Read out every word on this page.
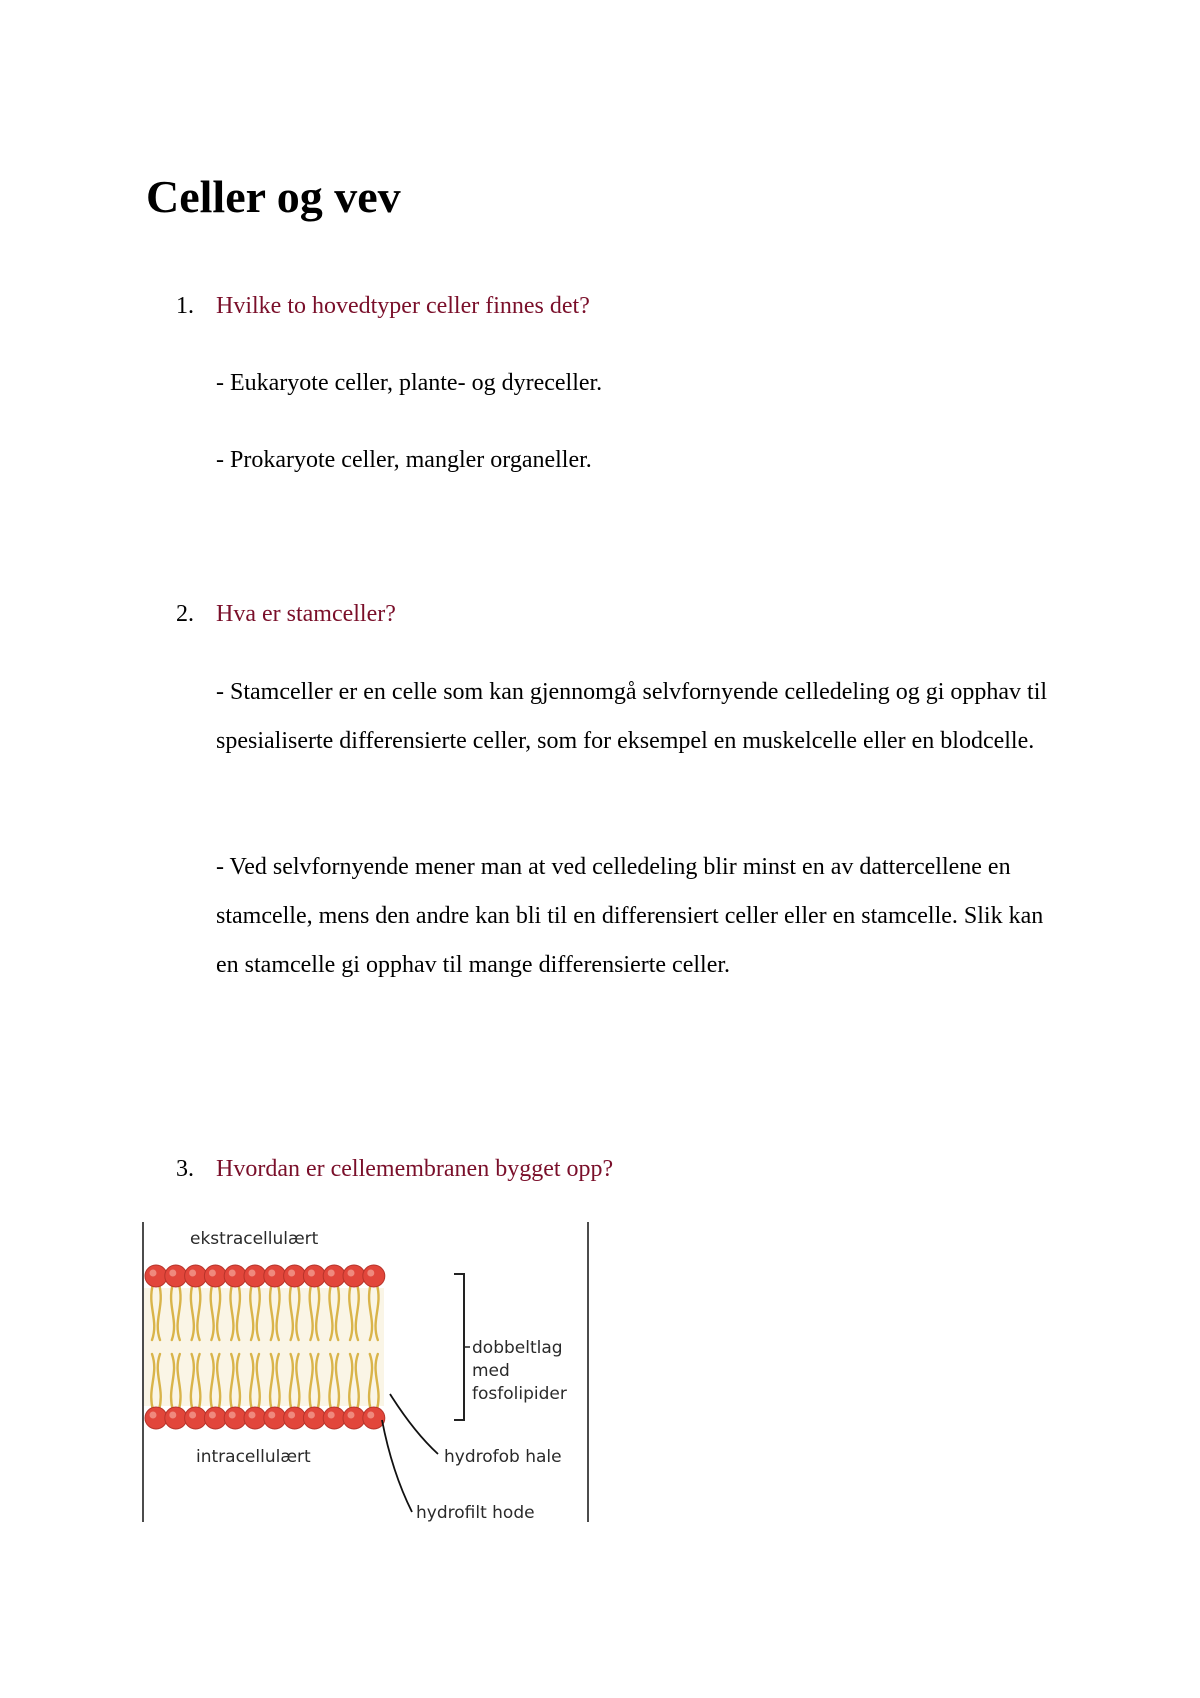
Celler og vev
1. Hvilke to hovedtyper celler finnes det?
- Eukaryote celler, plante- og dyreceller.
- Prokaryote celler, mangler organeller.
2. Hva er stamceller?
- Stamceller er en celle som kan gjennomgå selvfornyende celledeling og gi opphav til spesialiserte differensierte celler, som for eksempel en muskelcelle eller en blodcelle.
- Ved selvfornyende mener man at ved celledeling blir minst en av dattercellene en stamcelle, mens den andre kan bli til en differensiert celler eller en stamcelle. Slik kan en stamcelle gi opphav til mange differensierte celler.
3. Hvordan er cellemembranen bygget opp?
ekstracellulært
intracellulært
dobbeltlag
med
fosfolipider
hydrofob hale
hydrofilt hode
